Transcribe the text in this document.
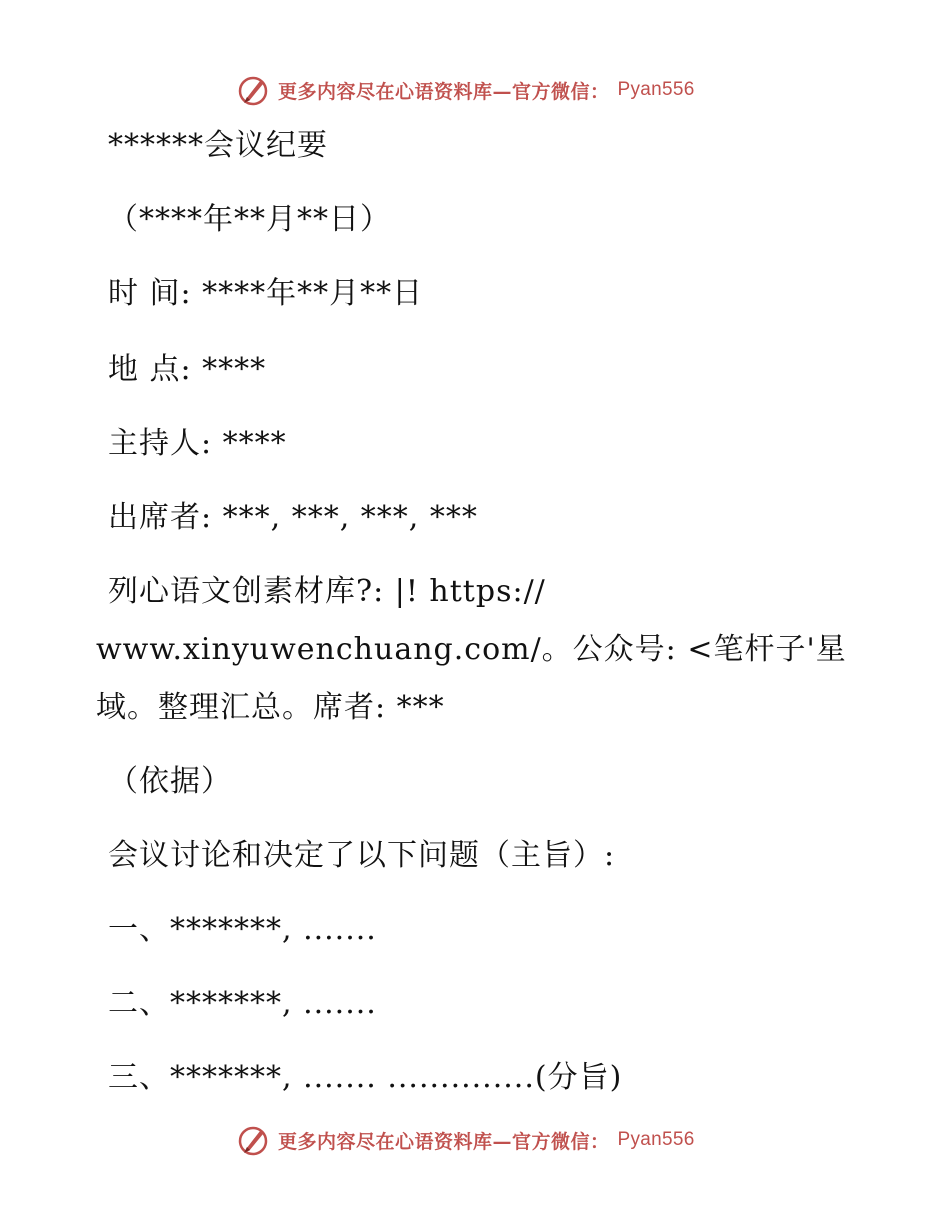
更多内容尽在心语资料库—官方微信： Pyan556
******会议纪要
（****年**月**日）
时 间: ****年**月**日
地 点: ****
主持人: ****
出席者: ***, ***, ***, ***
列心语文创素材库?: |! https://
www.xinyuwenchuang.com/。公众号: <笔杆子'星
域。整理汇总。席者: ***
（依据）
会议讨论和决定了以下问题（主旨）:
一、*******, .......
二、*******, .......
三、*******, ....... ..............(分旨)
更多内容尽在心语资料库—官方微信： Pyan556
